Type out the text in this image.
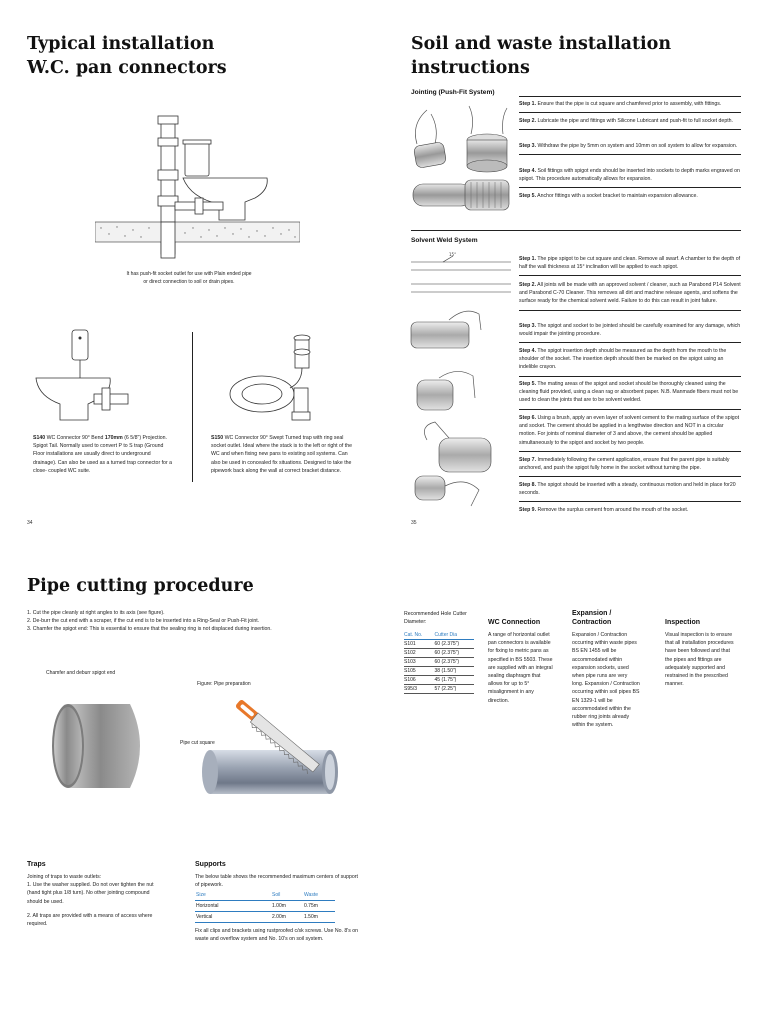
Typical installation
W.C. pan connectors
It has push-fit socket outlet for use with Plain ended pipe
or direct connection to soil or drain pipes.
S140 WC Connector 90° Bend 170mm (6 5/8") Projection. Spigot Tail. Normally used to convert P to S trap (Ground Floor installations are usually direct to underground drainage). Can also be used as a turned trap connector for a close- coupled WC suite.
S150 WC Connector 90° Swept Turned trap with ring seal socket outlet. Ideal where the stack is to the left or right of the WC and when fixing new pans to existing soil systems. Can also be used in concealed fix situations. Designed to take the pipework back along the wall at correct bracket distance.
34
Soil and waste installation
instructions
Jointing (Push-Fit System)
Step 1. Ensure that the pipe is cut square and chamfered prior to assembly, with fittings.
Step 2. Lubricate the pipe and fittings with Silicone Lubricant and push-fit to full socket depth.
Step 3. Withdraw the pipe by 5mm on system and 10mm on soil system to allow for expansion.
Step 4. Soil fittings with spigot ends should be inserted into sockets to depth marks engraved on spigot. This procedure automatically allows for expansion.
Step 5. Anchor fittings with a socket bracket to maintain expansion allowance.
Solvent Weld System
15°
Step 1. The pipe spigot to be cut square and clean. Remove all swarf. A chamber to the depth of half the wall thickness at 15° inclination will be applied to each spigot.
Step 2. All joints will be made with an approved solvent / cleaner, such as Parabond P14 Solvent and Parabond C-70 Cleaner. This removes all dirt and machine release agents, and softens the surface ready for the chemical solvent weld. Failure to do this can result in joint failure.
Step 3. The spigot and socket to be jointed should be carefully examined for any damage, which would impair the jointing procedure.
Step 4. The spigot insertion depth should be measured as the depth from the mouth to the shoulder of the socket. The insertion depth should then be marked on the spigot using an indelible crayon.
Step 5. The mating areas of the spigot and socket should be thoroughly cleaned using the cleaning fluid provided, using a clean rag or absorbent paper. N.B. Manmade fibers must not be used to clean the joints that are to be solvent welded.
Step 6. Using a brush, apply an even layer of solvent cement to the mating surface of the spigot and socket. The cement should be applied in a lengthwise direction and NOT in a circular motion. For joints of nominal diameter of 3 and above, the cement should be applied simultaneously to the spigot and socket by two people.
Step 7. Immediately following the cement application, ensure that the parent pipe is suitably anchored, and push the spigot fully home in the socket without turning the pipe.
Step 8. The spigot should be inserted with a steady, continuous motion and held in place for20 seconds.
Step 9. Remove the surplus cement from around the mouth of the socket.
35
Pipe cutting procedure
1. Cut the pipe cleanly at right angles to its axis (see figure).
2. De-burr the cut end with a scraper, if the cut end is to be inserted into a Ring-Seal or Push-Fit joint.
3. Chamfer the spigot end: This is essential to ensure that the sealing ring is not displaced during insertion.
Chamfer and deburr spigot end
Figure: Pipe preparation
Pipe cut square
Recommended Hole Cutter
Diameter:
Cat. No.	Cutter Dia
S101	60 (2.375")
S102	60 (2.375")
S103	60 (2.375")
S105	38 (1.50")
S106	45 (1.75")
S95/3	57 (2.25")
WC Connection
A range of horizontal outlet pan connectors is available for fixing to metric pans as specified in BS 5503. These are supplied with an integral sealing diaphragm that allows for up to 5° misalignment in any direction.
Expansion /
Contraction
Expansion / Contraction occurring within waste pipes BS EN 1455 will be accommodated within expansion sockets, used when pipe runs are very long. Expansion / Contraction occurring within soil pipes BS EN 1329-1 will be accommodated within the rubber ring joints already within the system.
Inspection
Visual inspection is to ensure that all installation procedures have been followed and that the pipes and fittings are adequately supported and restrained in the prescribed manner.
Traps
Joining of traps to waste outlets:
1. Use the washer supplied. Do not over tighten the nut (hand tight plus 1/8 turn). No other jointing compound should be used.
2. All traps are provided with a means of access where required.
Supports
The below table shows the recommended maximum centers of support of pipework.
Size	Soil	Waste
Horizontal	1.00m	0.75m
Vertical	2.00m	1.50m
Fix all clips and brackets using rustproofed c/sk screws. Use No. 8's on waste and overflow system and No. 10's on soil system.
